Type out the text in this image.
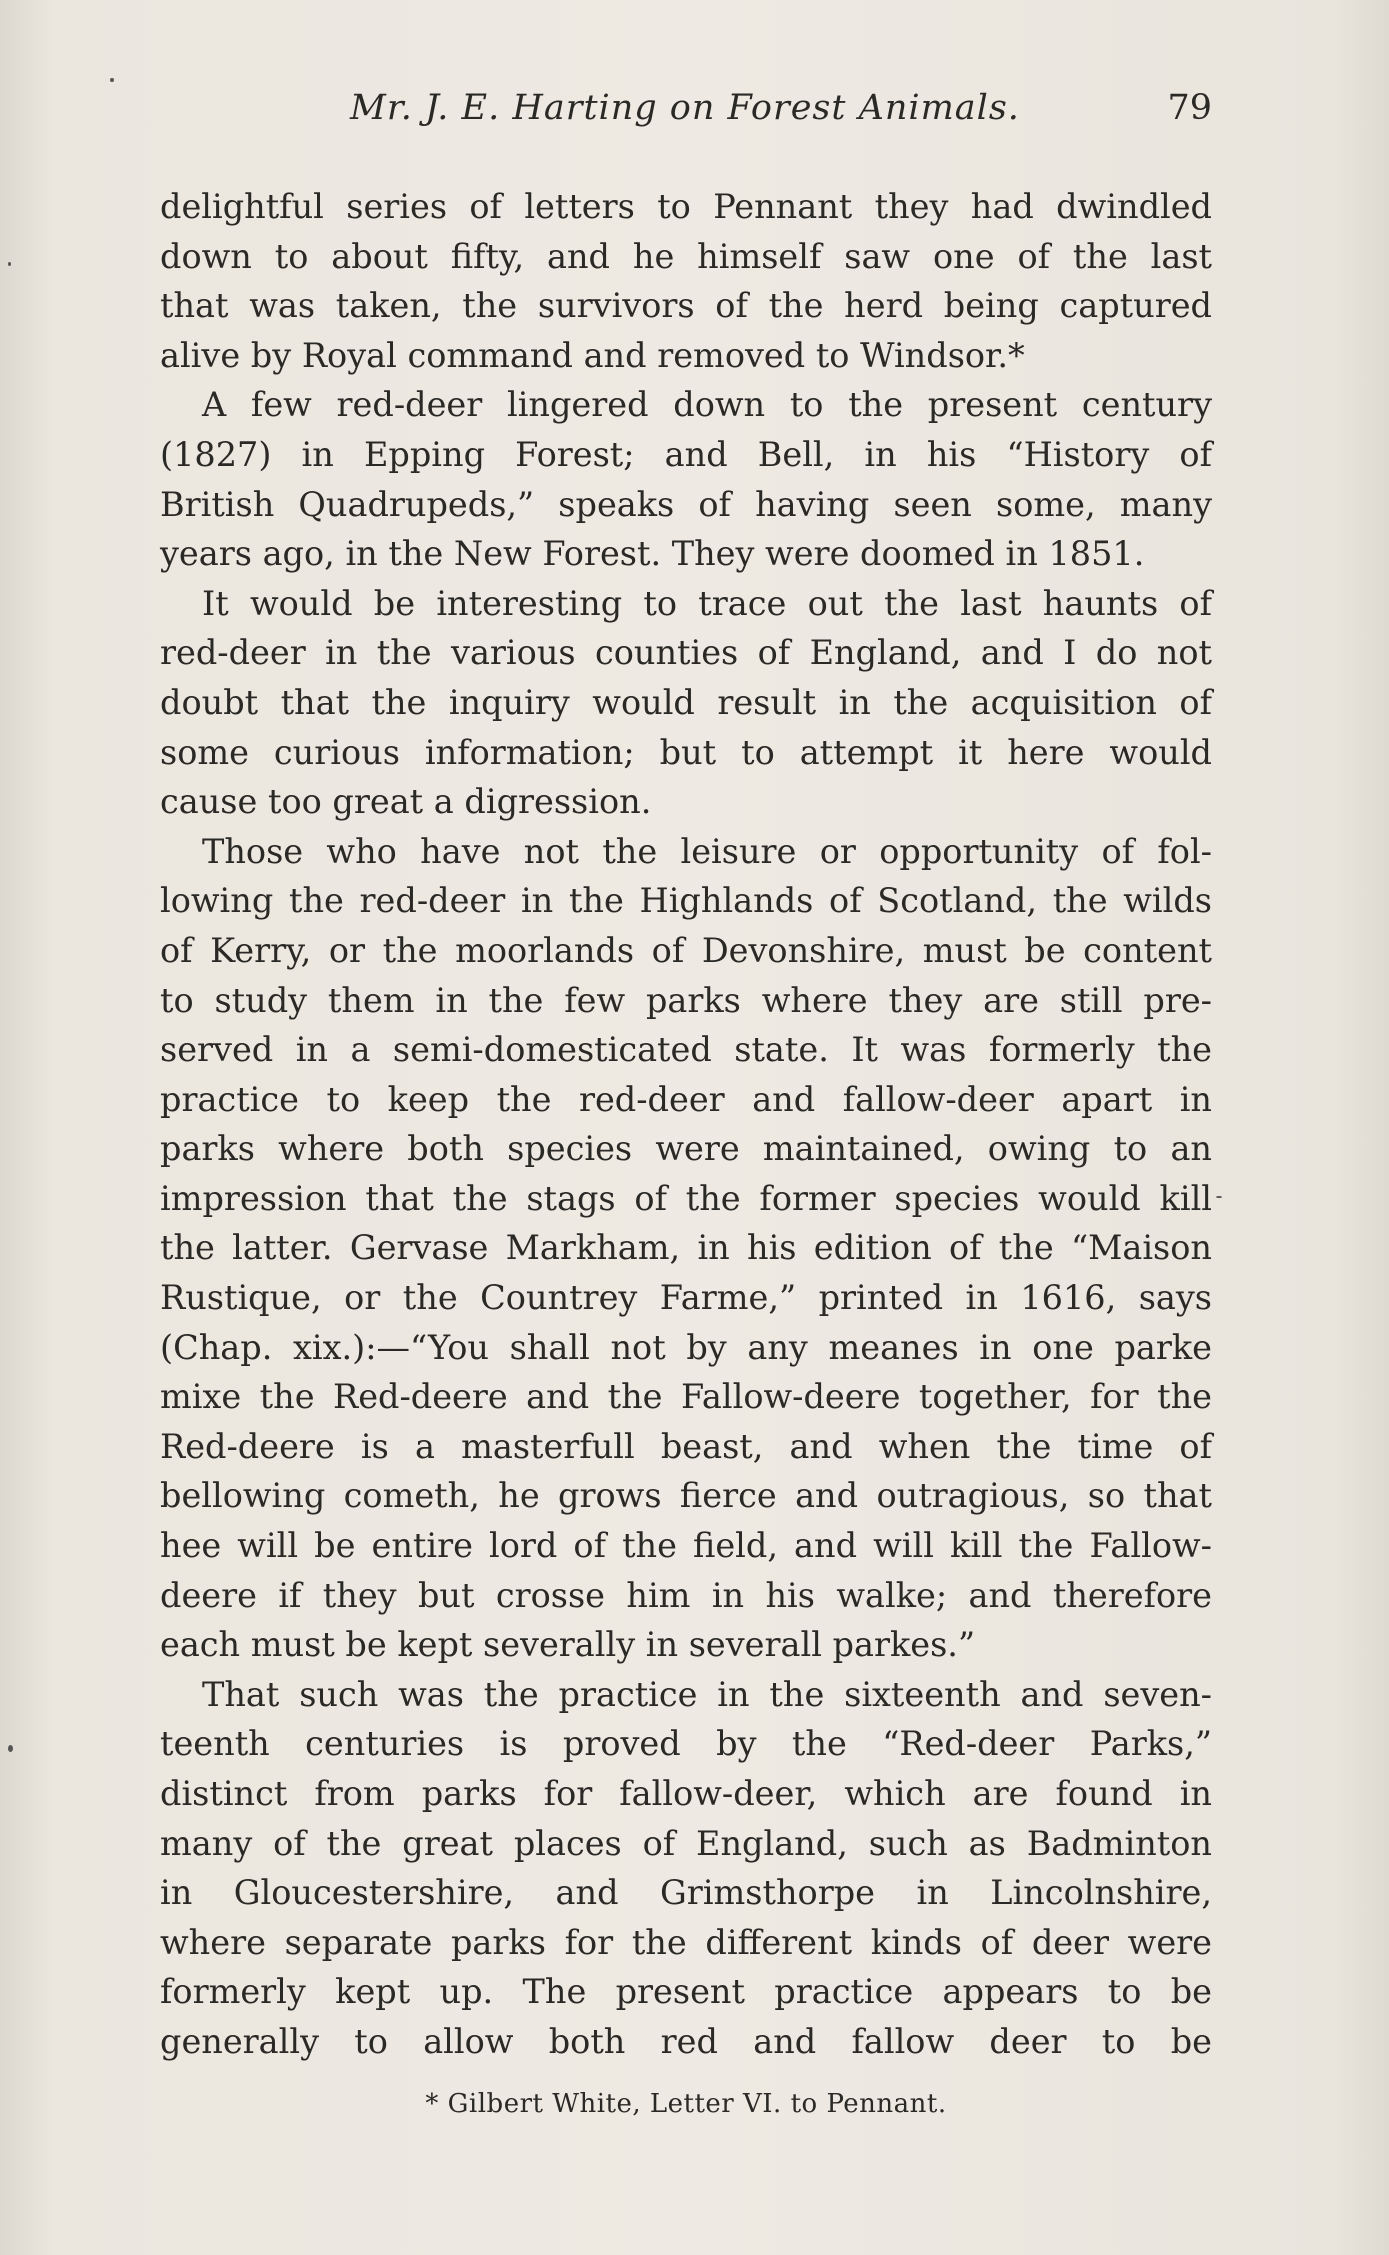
Mr. J. E. Harting on Forest Animals.	79
delightful series of letters to Pennant they had dwindled
down to about fifty, and he himself saw one of the last
that was taken, the survivors of the herd being captured
alive by Royal command and removed to Windsor.*
A few red-deer lingered down to the present century
(1827) in Epping Forest; and Bell, in his “History of
British Quadrupeds,” speaks of having seen some, many
years ago, in the New Forest. They were doomed in 1851.
It would be interesting to trace out the last haunts of
red-deer in the various counties of England, and I do not
doubt that the inquiry would result in the acquisition of
some curious information; but to attempt it here would
cause too great a digression.
Those who have not the leisure or opportunity of fol-
lowing the red-deer in the Highlands of Scotland, the wilds
of Kerry, or the moorlands of Devonshire, must be content
to study them in the few parks where they are still pre-
served in a semi-domesticated state. It was formerly the
practice to keep the red-deer and fallow-deer apart in
parks where both species were maintained, owing to an
impression that the stags of the former species would kill
the latter. Gervase Markham, in his edition of the “Maison
Rustique, or the Countrey Farme,” printed in 1616, says
(Chap. xix.):—“You shall not by any meanes in one parke
mixe the Red-deere and the Fallow-deere together, for the
Red-deere is a masterfull beast, and when the time of
bellowing cometh, he grows fierce and outragious, so that
hee will be entire lord of the field, and will kill the Fallow-
deere if they but crosse him in his walke; and therefore
each must be kept severally in severall parkes.”
That such was the practice in the sixteenth and seven-
teenth centuries is proved by the “Red-deer Parks,”
distinct from parks for fallow-deer, which are found in
many of the great places of England, such as Badminton
in Gloucestershire, and Grimsthorpe in Lincolnshire,
where separate parks for the different kinds of deer were
formerly kept up. The present practice appears to be
generally to allow both red and fallow deer to be
* Gilbert White, Letter VI. to Pennant.
